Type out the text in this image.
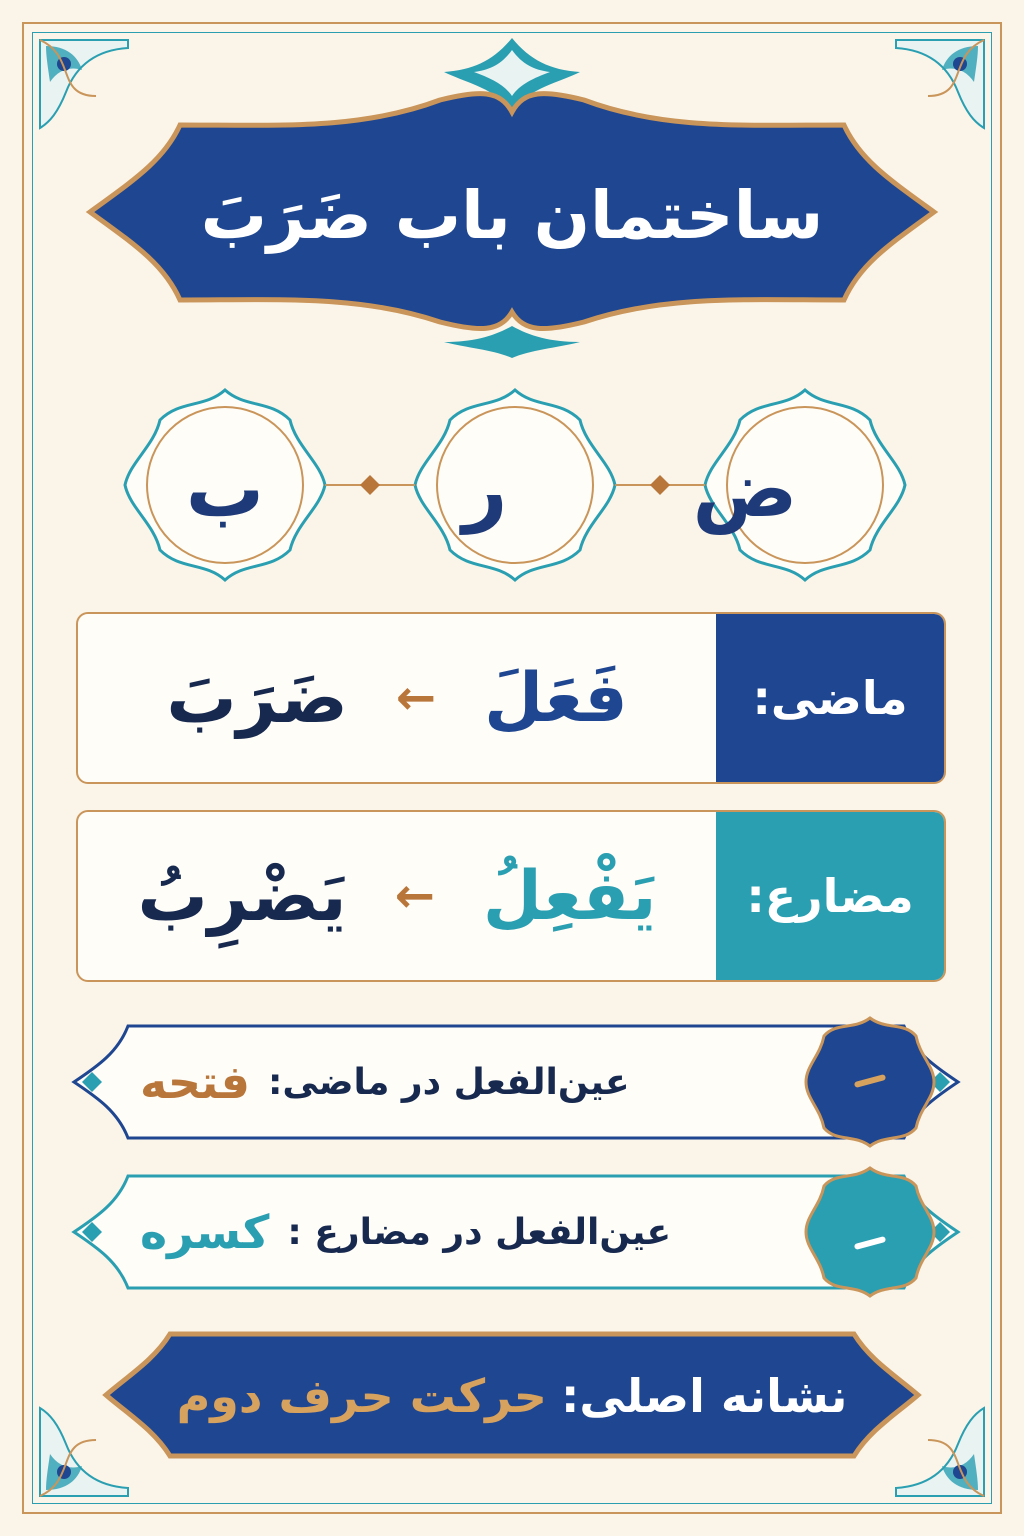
ساختمان باب ضَرَبَ
ض
ر
ب
ماضی:
فَعَلَ
←
ضَرَبَ
مضارع:
يَفْعِلُ
←
يَضْرِبُ
عين‌الفعل در ماضی:
فتحه
عين‌الفعل در مضارع :
کسره
نشانه اصلی:
حرکت حرف دوم
